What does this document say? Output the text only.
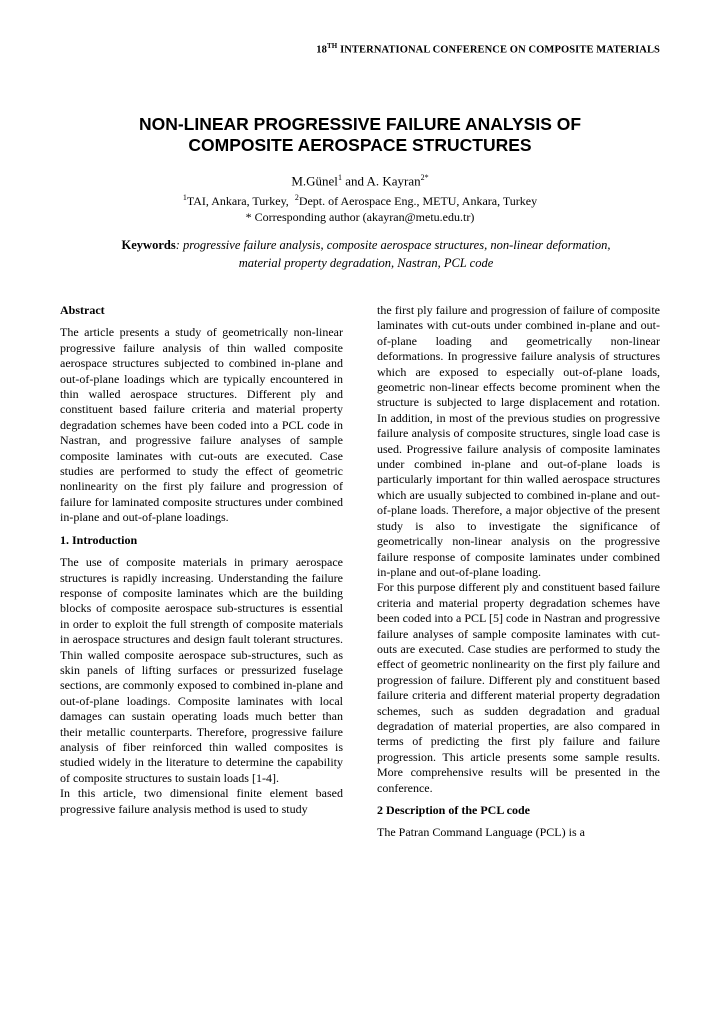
18TH INTERNATIONAL CONFERENCE ON COMPOSITE MATERIALS
NON-LINEAR PROGRESSIVE FAILURE ANALYSIS OF
COMPOSITE AEROSPACE STRUCTURES
M.Günel$^1$ and A. Kayran$^{2*}$
$^1$TAI, Ankara, Turkey, $^2$Dept. of Aerospace Eng., METU, Ankara, Turkey
* Corresponding author (akayran@metu.edu.tr)
Keywords: progressive failure analysis, composite aerospace structures, non-linear deformation, material property degradation, Nastran, PCL code
Abstract

The article presents a study of geometrically non-linear progressive failure analysis of thin walled composite aerospace structures subjected to combined in-plane and out-of-plane loadings which are typically encountered in thin walled aerospace structures. Different ply and constituent based failure criteria and material property degradation schemes have been coded into a PCL code in Nastran, and progressive failure analyses of sample composite laminates with cut-outs are executed. Case studies are performed to study the effect of geometric nonlinearity on the first ply failure and progression of failure for laminated composite structures under combined in-plane and out-of-plane loadings.

1. Introduction

The use of composite materials in primary aerospace structures is rapidly increasing. Understanding the failure response of composite laminates which are the building blocks of composite aerospace sub-structures is essential in order to exploit the full strength of composite materials in aerospace structures and design fault tolerant structures. Thin walled composite aerospace sub-structures, such as skin panels of lifting surfaces or pressurized fuselage sections, are commonly exposed to combined in-plane and out-of-plane loadings. Composite laminates with local damages can sustain operating loads much better than their metallic counterparts. Therefore, progressive failure analysis of fiber reinforced thin walled composites is studied widely in the literature to determine the capability of composite structures to sustain loads [1-4].

In this article, two dimensional finite element based progressive failure analysis method is used to study

the first ply failure and progression of failure of composite laminates with cut-outs under combined in-plane and out-of-plane loading and geometrically non-linear deformations. In progressive failure analysis of structures which are exposed to especially out-of-plane loads, geometric non-linear effects become prominent when the structure is subjected to large displacement and rotation. In addition, in most of the previous studies on progressive failure analysis of composite structures, single load case is used. Progressive failure analysis of composite laminates under combined in-plane and out-of-plane loads is particularly important for thin walled aerospace structures which are usually subjected to combined in-plane and out-of-plane loads. Therefore, a major objective of the present study is also to investigate the significance of geometrically non-linear analysis on the progressive failure response of composite laminates under combined in-plane and out-of-plane loading.

For this purpose different ply and constituent based failure criteria and material property degradation schemes have been coded into a PCL [5] code in Nastran and progressive failure analyses of sample composite laminates with cut-outs are executed. Case studies are performed to study the effect of geometric nonlinearity on the first ply failure and progression of failure. Different ply and constituent based failure criteria and different material property degradation schemes, such as sudden degradation and gradual degradation of material properties, are also compared in terms of predicting the first ply failure and failure progression. This article presents some sample results. More comprehensive results will be presented in the conference.

2 Description of the PCL code

The Patran Command Language (PCL) is a
